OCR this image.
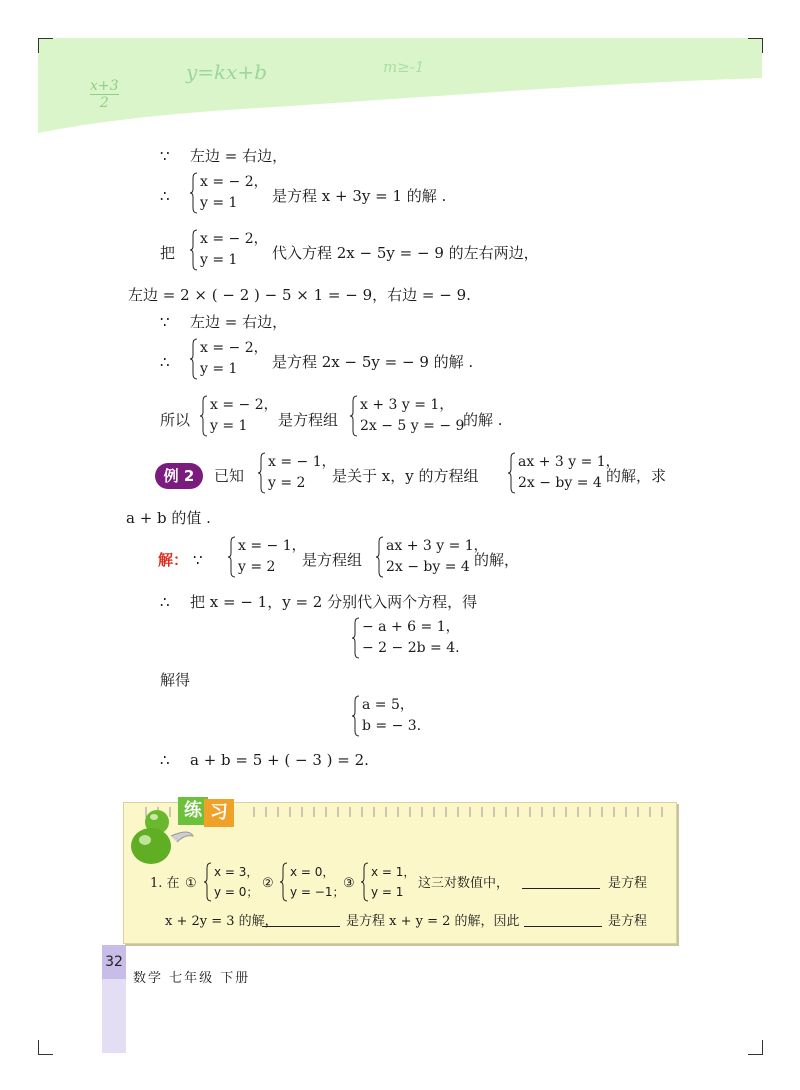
$\frac{x+3}{2}$
y=kx+b	m≥-1
∵ 左边 = 右边，
∴
x = − 2，
y = 1	是方程 x + 3y = 1 的解 .
把
x = − 2，
y = 1	代入方程 2x − 5y = − 9 的左右两边，
左边 = 2 × ( − 2 ) − 5 × 1 = − 9，右边 = − 9.
∵ 左边 = 右边，
∴
x = − 2，
y = 1	是方程 2x − 5y = − 9 的解 .
所以
x = − 2，
y = 1	是方程组
x + 3 y = 1，
2x − 5 y = − 9
的解 .
例 2	已知
x = − 1，
y = 2	是关于 x，y 的方程组
ax + 3 y = 1，
2x − by = 4 的解，求
a + b 的值 .
解： ∵
x = − 1，
y = 2	是方程组
ax + 3 y = 1，
2x − by = 4 的解，
∴ 把 x = − 1，y = 2 分别代入两个方程，得
− a + 6 = 1，
− 2 − 2b = 4.
解得
a = 5，
b = − 3.
∴ a + b = 5 + ( − 3 ) = 2.
练 习
1. 在 ①
x = 3，
y = 0；
②
x = 0，
y = −1；
③
x = 1，
y = 1
这三对数值中，	是方程
x + 2y = 3 的解，	是方程 x + y = 2 的解，因此	是方程
32
数学 七年级 下册
